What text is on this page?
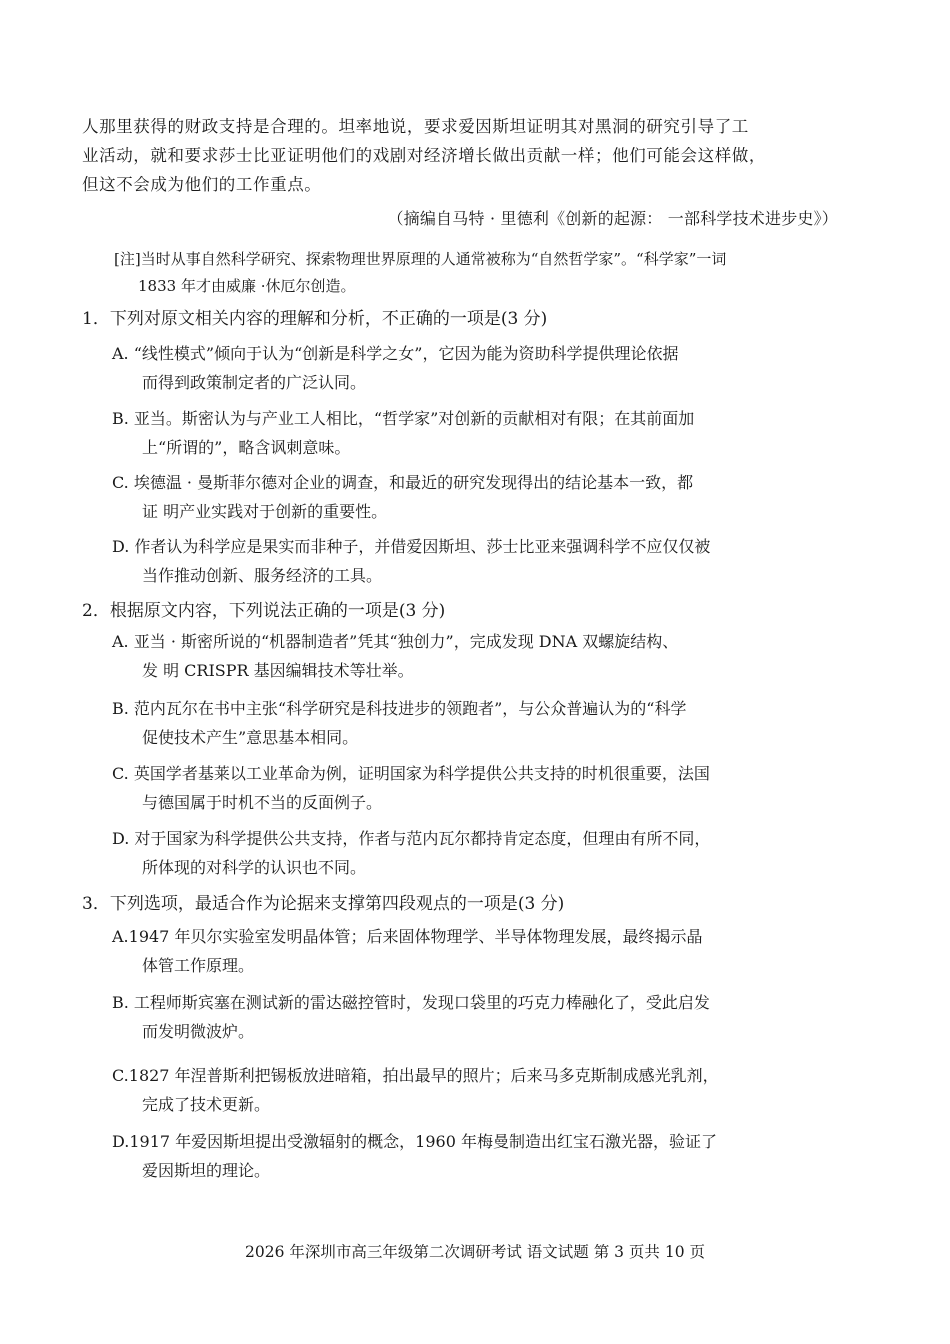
人那里获得的财政支持是合理的。坦率地说，要求爱因斯坦证明其对黑洞的研究引导了工
业活动，就和要求莎士比亚证明他们的戏剧对经济增长做出贡献一样；他们可能会这样做，
但这不会成为他们的工作重点。
（摘编自马特 · 里德利《创新的起源： 一部科学技术进步史》）
[注]当时从事自然科学研究、探索物理世界原理的人通常被称为“自然哲学家”。“科学家”一词
1833 年才由威廉 ·休厄尔创造。
1．下列对原文相关内容的理解和分析，不正确的一项是(3 分)
A. “线性模式”倾向于认为“创新是科学之女”，它因为能为资助科学提供理论依据
而得到政策制定者的广泛认同。
B. 亚当。斯密认为与产业工人相比，“哲学家”对创新的贡献相对有限；在其前面加
上“所谓的”，略含讽刺意味。
C. 埃德温 · 曼斯菲尔德对企业的调查，和最近的研究发现得出的结论基本一致，都
证 明产业实践对于创新的重要性。
D. 作者认为科学应是果实而非种子，并借爱因斯坦、莎士比亚来强调科学不应仅仅被
当作推动创新、服务经济的工具。
2．根据原文内容，下列说法正确的一项是(3 分)
A. 亚当 · 斯密所说的“机器制造者”凭其“独创力”，完成发现 DNA 双螺旋结构、
发 明 CRISPR 基因编辑技术等壮举。
B. 范内瓦尔在书中主张“科学研究是科技进步的领跑者”，与公众普遍认为的“科学
促使技术产生”意思基本相同。
C. 英国学者基莱以工业革命为例，证明国家为科学提供公共支持的时机很重要，法国
与德国属于时机不当的反面例子。
D. 对于国家为科学提供公共支持，作者与范内瓦尔都持肯定态度，但理由有所不同，
所体现的对科学的认识也不同。
3．下列选项，最适合作为论据来支撑第四段观点的一项是(3 分)
A.1947 年贝尔实验室发明晶体管；后来固体物理学、半导体物理发展，最终揭示晶
体管工作原理。
B. 工程师斯宾塞在测试新的雷达磁控管时，发现口袋里的巧克力棒融化了，受此启发
而发明微波炉。
C.1827 年涅普斯利把锡板放进暗箱，拍出最早的照片；后来马多克斯制成感光乳剂，
完成了技术更新。
D.1917 年爱因斯坦提出受激辐射的概念，1960 年梅曼制造出红宝石激光器，验证了
爱因斯坦的理论。
2026 年深圳市高三年级第二次调研考试 语文试题 第 3 页共 10 页
